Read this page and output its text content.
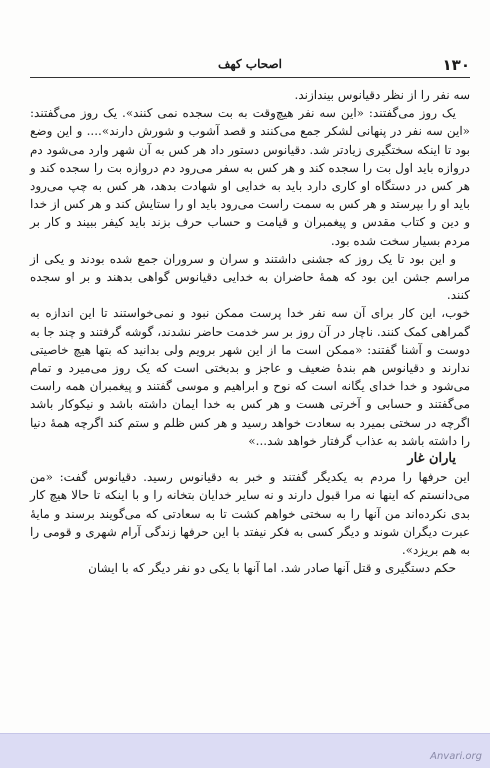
١٣٠
اصحاب کهف

سه نفر را از نظر دقیانوس بیندازند.

یک روز می‌گفتند: «این سه نفر هیچ‌وقت به بت سجده نمی کنند». یک روز می‌گفتند: «این سه نفر در پنهانی لشکر جمع می‌کنند و قصد آشوب و شورش دارند».... و این وضع بود تا اینکه سختگیری زیادتر شد. دقیانوس دستور داد هر کس به آن شهر وارد می‌شود دم دروازه باید اول بت را سجده کند و هر کس به سفر می‌رود دم دروازه بت را سجده کند و هر کس در دستگاه او کاری دارد باید به خدایی او شهادت بدهد، هر کس به چپ می‌رود باید او را بپرستد و هر کس به سمت راست می‌رود باید او را ستایش کند و هر کس از خدا و دین و کتاب مقدس و پیغمبران و قیامت و حساب حرف بزند باید کیفر ببیند و کار بر مردم بسیار سخت شده بود.

و این بود تا یک روز که جشنی داشتند و سران و سروران جمع شده بودند و یکی از مراسم جشن این بود که همهٔ حاضران به خدایی دقیانوس گواهی بدهند و بر او سجده کنند.

خوب، این کار برای آن سه نفر خدا پرست ممکن نبود و نمی‌خواستند تا این اندازه به گمراهی کمک کنند. ناچار در آن روز بر سر خدمت حاضر نشدند، گوشه گرفتند و چند جا به دوست و آشنا گفتند: «ممکن است ما از این شهر برویم ولی بدانید که بتها هیچ خاصیتی ندارند و دقیانوس هم بندهٔ ضعیف و عاجز و بدبختی است که یک روز می‌میرد و تمام می‌شود و خدا خدای یگانه است که نوح و ابراهیم و موسی گفتند و پیغمبران همه راست می‌گفتند و حسابی و آخرتی هست و هر کس به خدا ایمان داشته باشد و نیکوکار باشد اگرچه در سختی بمیرد به سعادت خواهد رسید و هر کس ظلم و ستم کند اگرچه همهٔ دنیا را داشته باشد به عذاب گرفتار خواهد شد...»

یاران غار

این حرفها را مردم به یکدیگر گفتند و خبر به دقیانوس رسید. دقیانوس گفت: «من می‌دانستم که اینها نه مرا قبول دارند و نه سایر خدایان بتخانه را و با اینکه تا حالا هیچ کار بدی نکرده‌اند من آنها را به سختی خواهم کشت تا به سعادتی که می‌گویند برسند و مایهٔ عبرت دیگران شوند و دیگر کسی به فکر نیفتد با این حرفها زندگی آرام شهری و قومی را به هم بریزد».

حکم دستگیری و قتل آنها صادر شد. اما آنها با یکی دو نفر دیگر که با ایشان

Anvari.org
